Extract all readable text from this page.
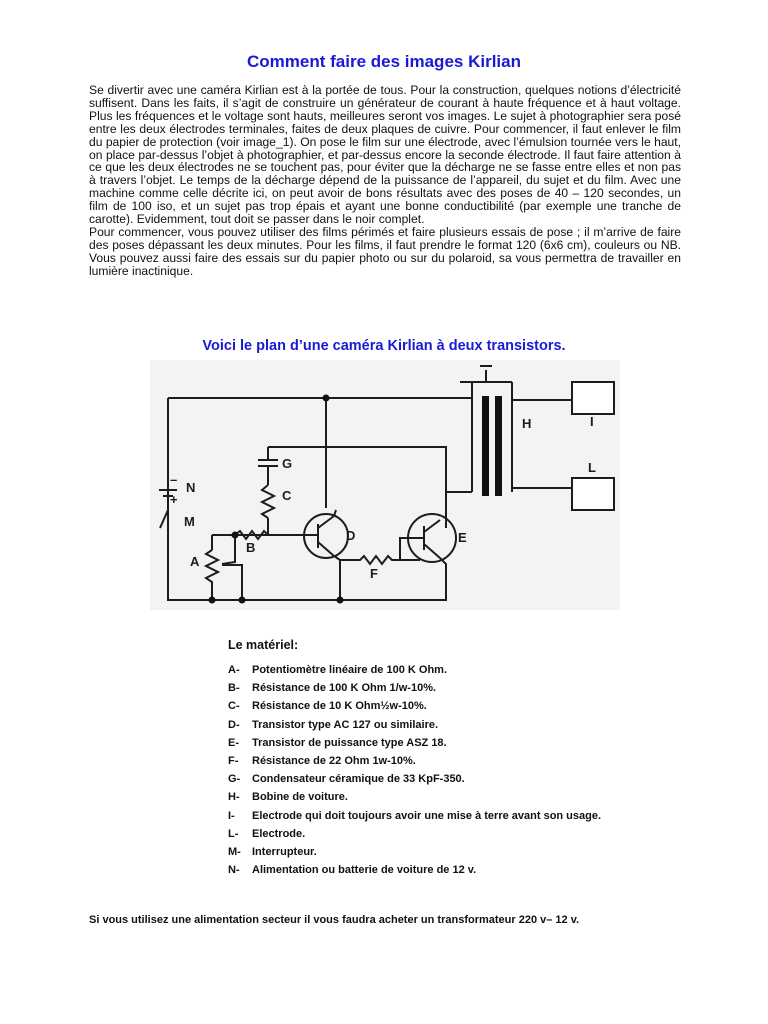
Comment faire des images Kirlian

Se divertir avec une caméra Kirlian est à la portée de tous. Pour la construction, quelques notions d’électricité suffisent. Dans les faits, il s’agit de construire un générateur de courant à haute fréquence et à haut voltage. Plus les fréquences et le voltage sont hauts, meilleures seront vos images. Le sujet à photographier sera posé entre les deux électrodes terminales, faites de deux plaques de cuivre. Pour commencer, il faut enlever le film du papier de protection (voir image_1). On pose le film sur une électrode, avec l’émulsion tournée vers le haut, on place par-dessus l’objet à photographier, et par-dessus encore la seconde électrode. Il faut faire attention à ce que les deux électrodes ne se touchent pas, pour éviter que la décharge ne se fasse entre elles et non pas à travers l’objet. Le temps de la décharge dépend de la puissance de l’appareil, du sujet et du film. Avec une machine comme celle décrite ici, on peut avoir de bons résultats avec des poses de 40 – 120 secondes, un film de 100 iso, et un sujet pas trop épais et ayant une bonne conductibilité (par exemple une tranche de carotte). Evidemment, tout doit se passer dans le noir complet.

Pour commencer, vous pouvez utiliser des films périmés et faire plusieurs essais de pose ; il m’arrive de faire des poses dépassant les deux minutes. Pour les films, il faut prendre le format 120 (6x6 cm), couleurs ou NB. Vous pouvez aussi faire des essais sur du papier photo ou sur du polaroid, sa vous permettra de travailler en lumière inactinique.

Voici le plan d’une caméra Kirlian à deux transistors.
N
–
+
M
A
B
C
G
D	E
F
H	I
L
Le matériel:
A-	Potentiomètre linéaire de 100 K Ohm.
B-	Résistance de 100 K Ohm 1/w-10%.
C-	Résistance de 10 K Ohm½w-10%.
D-	Transistor type AC 127 ou similaire.
E-	Transistor de puissance type ASZ 18.
F-	Résistance de 22 Ohm 1w-10%.
G-	Condensateur céramique de 33 KpF-350.
H-	Bobine de voiture.
I-	Electrode qui doit toujours avoir une mise à terre avant son usage.
L-	Electrode.
M-	Interrupteur.
N-	Alimentation ou batterie de voiture de 12 v.
Si vous utilisez une alimentation secteur il vous faudra acheter un transformateur 220 v– 12 v.
